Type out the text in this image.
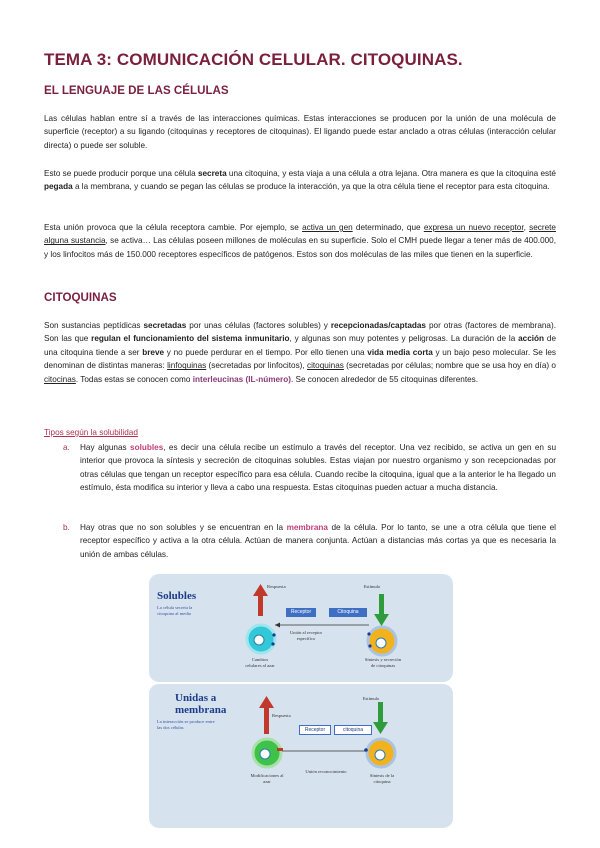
TEMA 3: COMUNICACIÓN CELULAR. CITOQUINAS.
EL LENGUAJE DE LAS CÉLULAS
Las células hablan entre sí a través de las interacciones químicas. Estas interacciones se producen por la unión de una molécula de superficie (receptor) a su ligando (citoquinas y receptores de citoquinas). El ligando puede estar anclado a otras células (interacción celular directa) o puede ser soluble.
Esto se puede producir porque una célula secreta una citoquina, y esta viaja a una célula a otra lejana. Otra manera es que la citoquina esté pegada a la membrana, y cuando se pegan las células se produce la interacción, ya que la otra célula tiene el receptor para esta citoquina.
Esta unión provoca que la célula receptora cambie. Por ejemplo, se activa un gen determinado, que expresa un nuevo receptor, secrete alguna sustancia, se activa… Las células poseen millones de moléculas en su superficie. Solo el CMH puede llegar a tener más de 400.000, y los linfocitos más de 150.000 receptores específicos de patógenos. Estos son dos moléculas de las miles que tienen en la superficie.
CITOQUINAS
Son sustancias peptídicas secretadas por unas células (factores solubles) y recepcionadas/captadas por otras (factores de membrana). Son las que regulan el funcionamiento del sistema inmunitario, y algunas son muy potentes y peligrosas. La duración de la acción de una citoquina tiende a ser breve y no puede perdurar en el tiempo. Por ello tienen una vida media corta y un bajo peso molecular. Se les denominan de distintas maneras: linfoquinas (secretadas por linfocitos), citoquinas (secretadas por células; nombre que se usa hoy en día) o citocinas. Todas estas se conocen como interleucinas (IL-número). Se conocen alrededor de 55 citoquinas diferentes.
Tipos según la solubilidad
a. Hay algunas solubles, es decir una célula recibe un estímulo a través del receptor. Una vez recibido, se activa un gen en su interior que provoca la síntesis y secreción de citoquinas solubles. Estas viajan por nuestro organismo y son recepcionadas por otras células que tengan un receptor específico para esa célula. Cuando recibe la citoquina, igual que a la anterior le ha llegado un estímulo, ésta modifica su interior y lleva a cabo una respuesta. Estas citoquinas pueden actuar a mucha distancia.
b. Hay otras que no son solubles y se encuentran en la membrana de la célula. Por lo tanto, se une a otra célula que tiene el receptor específico y activa a la otra célula. Actúan de manera conjunta. Actúan a distancias más cortas ya que es necesaria la unión de ambas células.
Solubles
La célula secreta la citoquina al medio
Respuesta	Estímulo
Receptor	Citoquina
Unión al receptor específico
Cambios celulares al azar
Síntesis y secreción de citoquinas
Unidas a membrana
La interacción se produce entre las dos células
Respuesta
Estímulo
Receptor	citoquina
Modificaciones al azar
Unión reconocimiento
Síntesis de la citoquina
